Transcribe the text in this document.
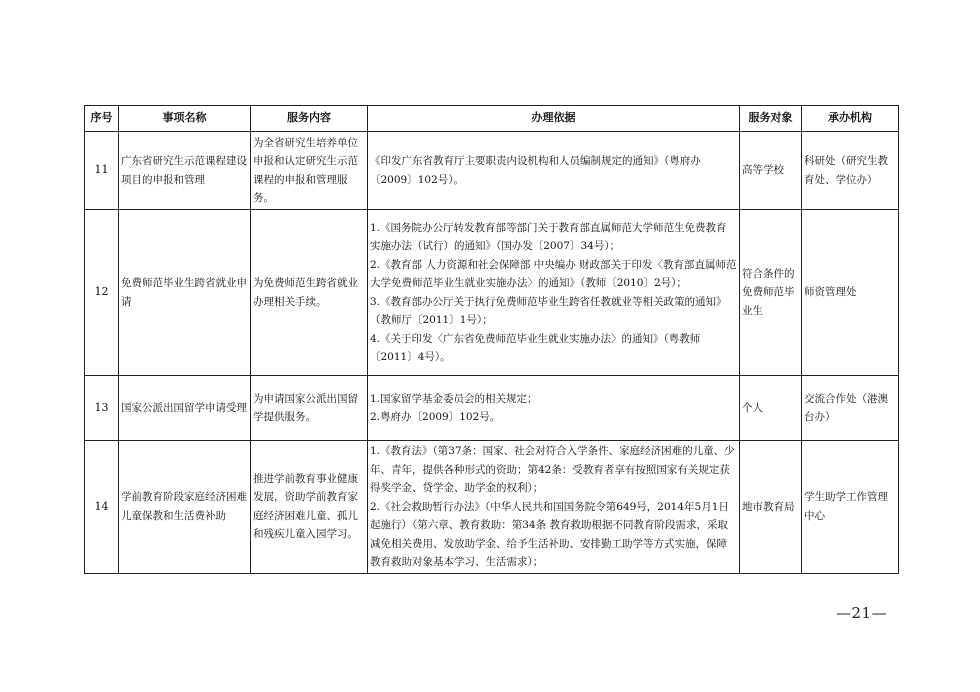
序号	事项名称	服务内容	办理依据	服务对象	承办机构
11	广东省研究生示范课程建设项目的申报和管理	为全省研究生培养单位申报和认定研究生示范课程的申报和管理服务。	《印发广东省教育厅主要职责内设机构和人员编制规定的通知》（粤府办〔2009〕102号）。	高等学校	科研处（研究生教育处、学位办）
12	免费师范毕业生跨省就业申请	为免费师范生跨省就业办理相关手续。	1.《国务院办公厅转发教育部等部门关于教育部直属师范大学师范生免费教育实施办法（试行）的通知》（国办发〔2007〕34号）；
2.《教育部 人力资源和社会保障部 中央编办 财政部关于印发〈教育部直属师范大学免费师范毕业生就业实施办法〉的通知》（教师〔2010〕2号）；
3.《教育部办公厅关于执行免费师范毕业生跨省任教就业等相关政策的通知》（教师厅〔2011〕1号）；
4.《关于印发〈广东省免费师范毕业生就业实施办法〉的通知》（粤教师〔2011〕4号）。	符合条件的免费师范毕业生	师资管理处
13	国家公派出国留学申请受理	为申请国家公派出国留学提供服务。	1.国家留学基金委员会的相关规定；
2.粤府办〔2009〕102号。	个人	交流合作处（港澳台办）
14	学前教育阶段家庭经济困难儿童保教和生活费补助	推进学前教育事业健康发展，资助学前教育家庭经济困难儿童、孤儿和残疾儿童入园学习。	1.《教育法》（第37条：国家、社会对符合入学条件、家庭经济困难的儿童、少年、青年，提供各种形式的资助；第42条：受教育者享有按照国家有关规定获得奖学金、贷学金、助学金的权利）；
2.《社会救助暂行办法》（中华人民共和国国务院令第649号，2014年5月1日起施行）（第六章、教育救助：第34条 教育救助根据不同教育阶段需求，采取减免相关费用、发放助学金、给予生活补助、安排勤工助学等方式实施，保障教育救助对象基本学习、生活需求）；	地市教育局	学生助学工作管理中心
—21—
